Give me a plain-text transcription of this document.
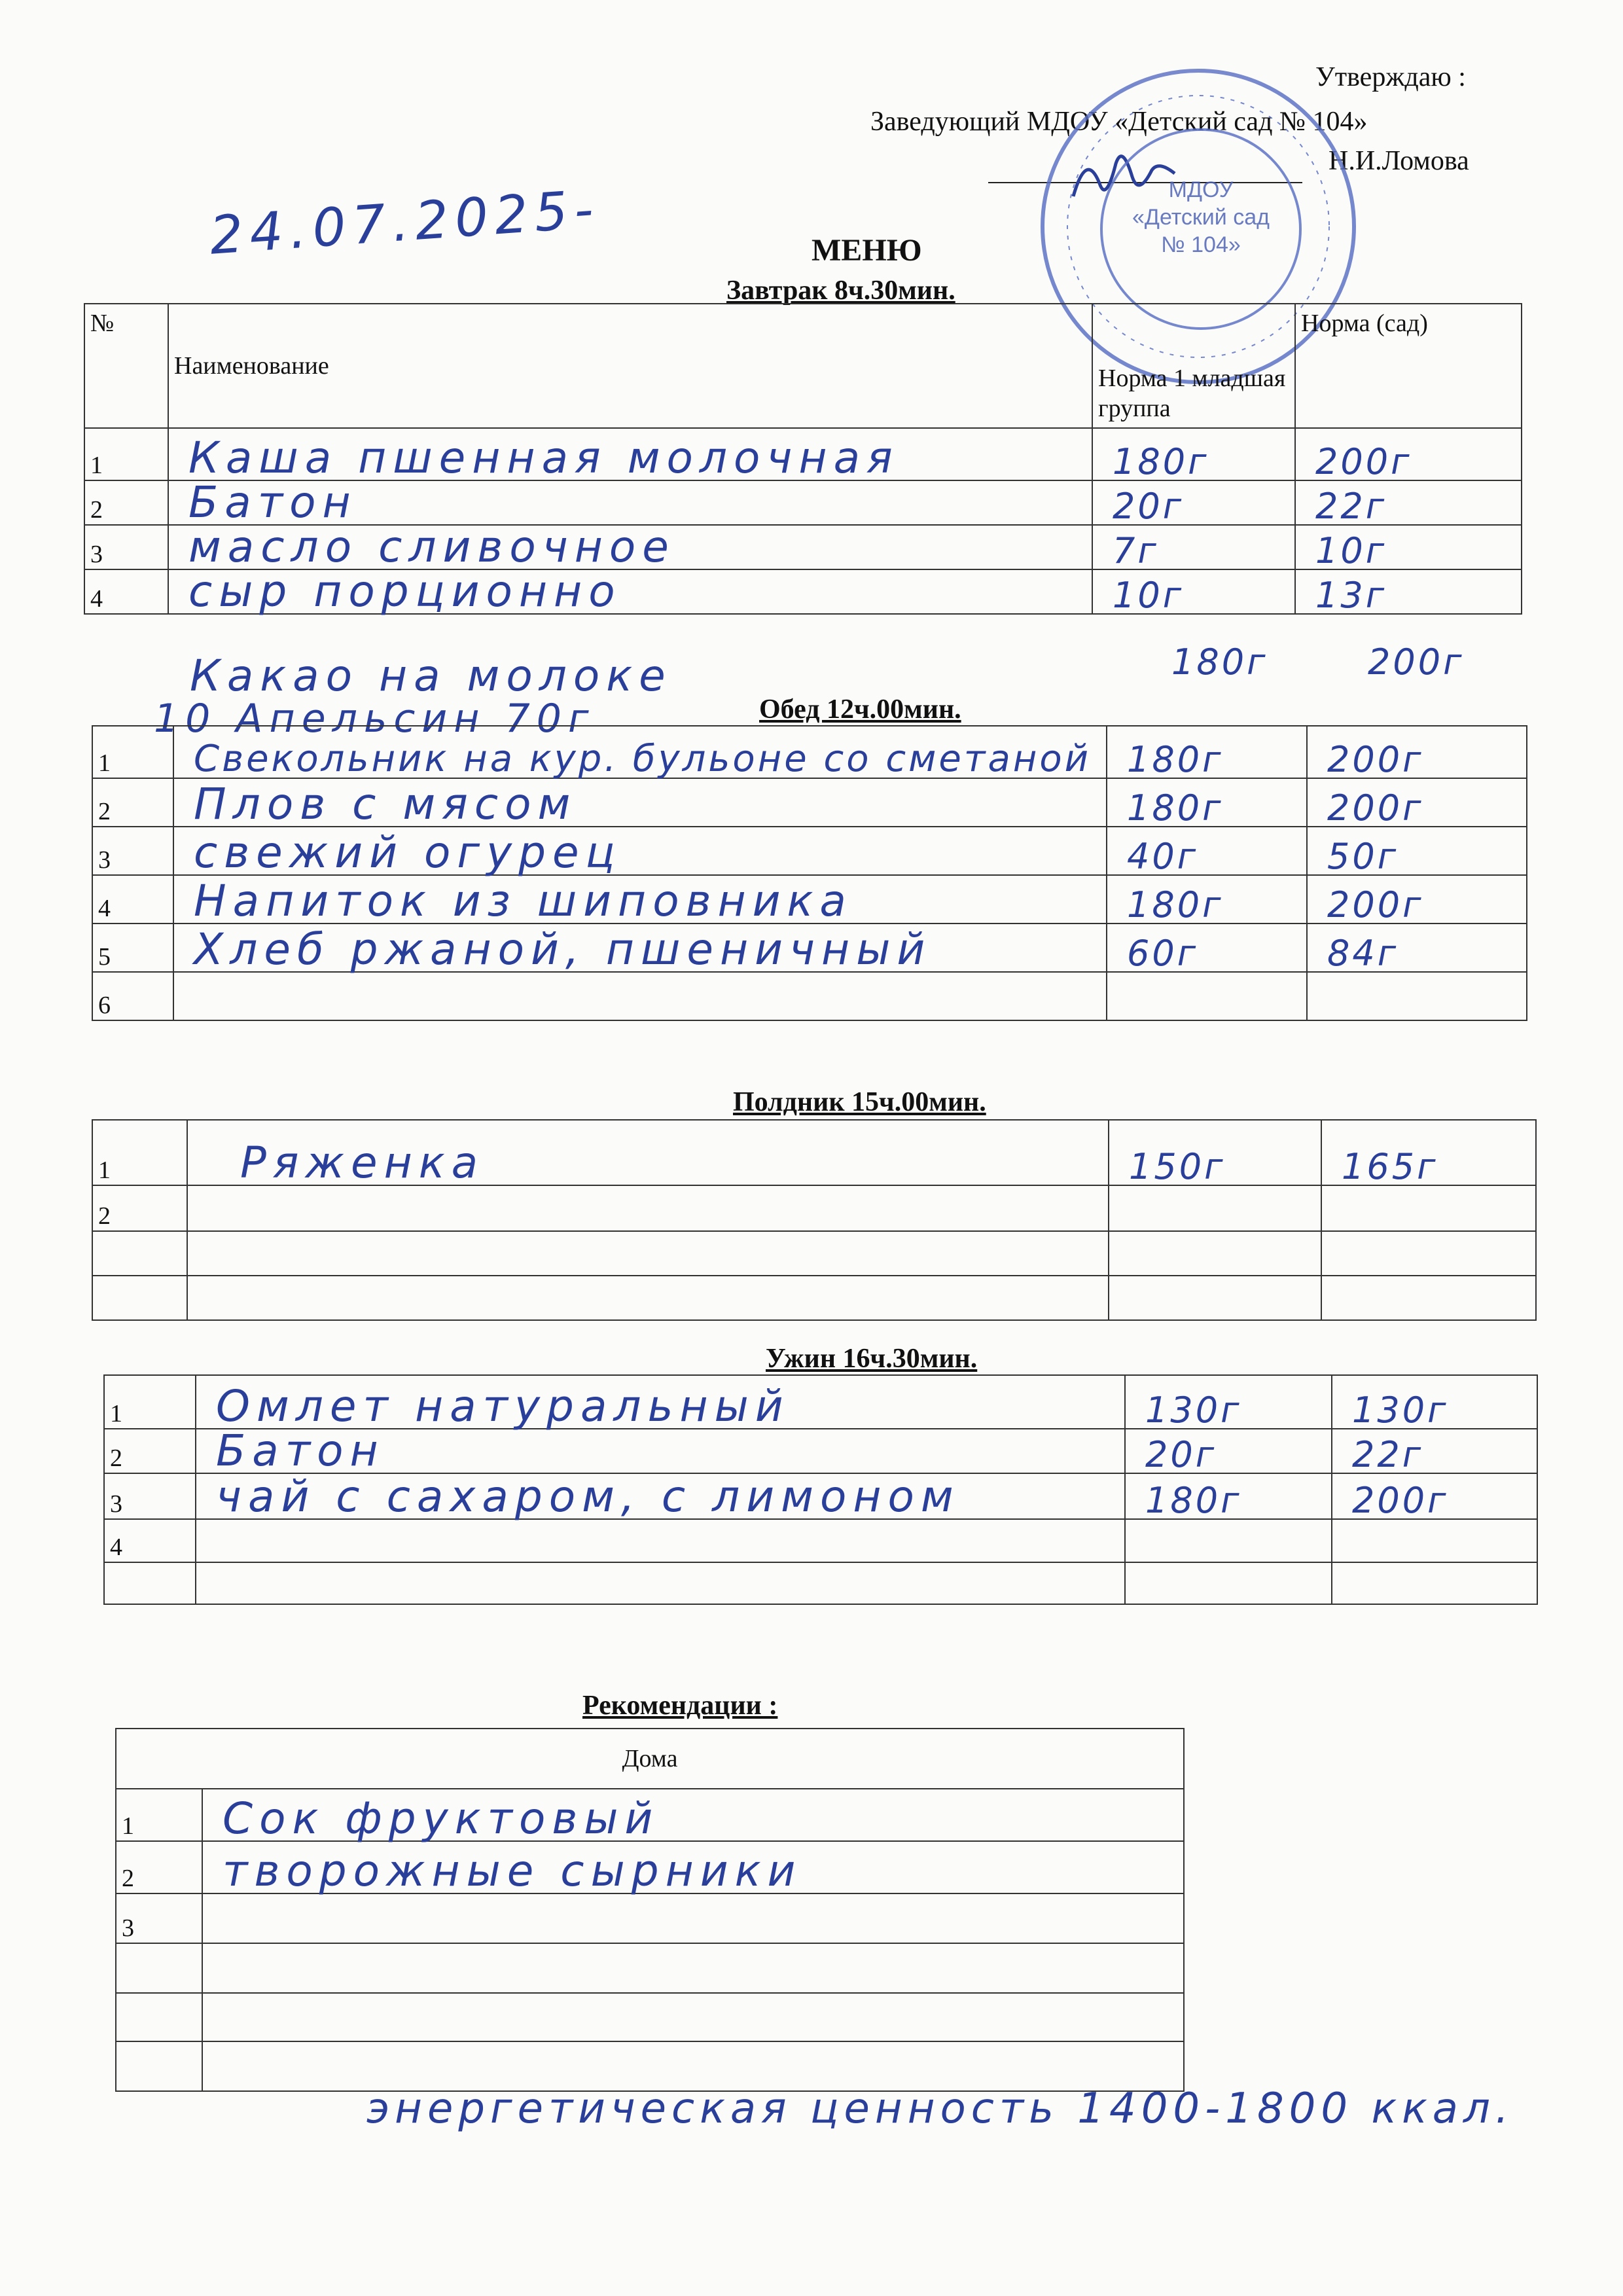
Утверждаю :
Заведующий МДОУ «Детский сад № 104»
Н.И.Ломова
МДОУ
«Детский сад
№ 104»
24.07.2025-	МЕНЮ
Завтрак 8ч.30мин.
№	Наименование	Норма 1 младшая группа	Норма (сад)
1	Каша пшенная молочная	180г	200г

2	Батон	20г	22г

3	масло сливочное	7г	10г

4	сыр порционно	10г	13г
Какао на молоке	180г	200г
10 Апельсин 70г	Обед 12ч.00мин.
1	Свекольник на кур. бульоне со сметаной	180г	200г

2	Плов с мясом	180г	200г

3	свежий огурец	40г	50г

4	Напиток из шиповника	180г	200г

5	Хлеб ржаной, пшеничный	60г	84г

6	

Полдник 15ч.00мин.
1	Ряженка	150г	165г

2			

Ужин 16ч.30мин.
1	Омлет натуральный	130г	130г

2	Батон	20г	22г

3	чай с сахаром, с лимоном	180г	200г

4			

Рекомендации :
Дома	
1	Сок фруктовый

2	творожные сырники

3	

энергетическая ценность 1400-1800 ккал.
